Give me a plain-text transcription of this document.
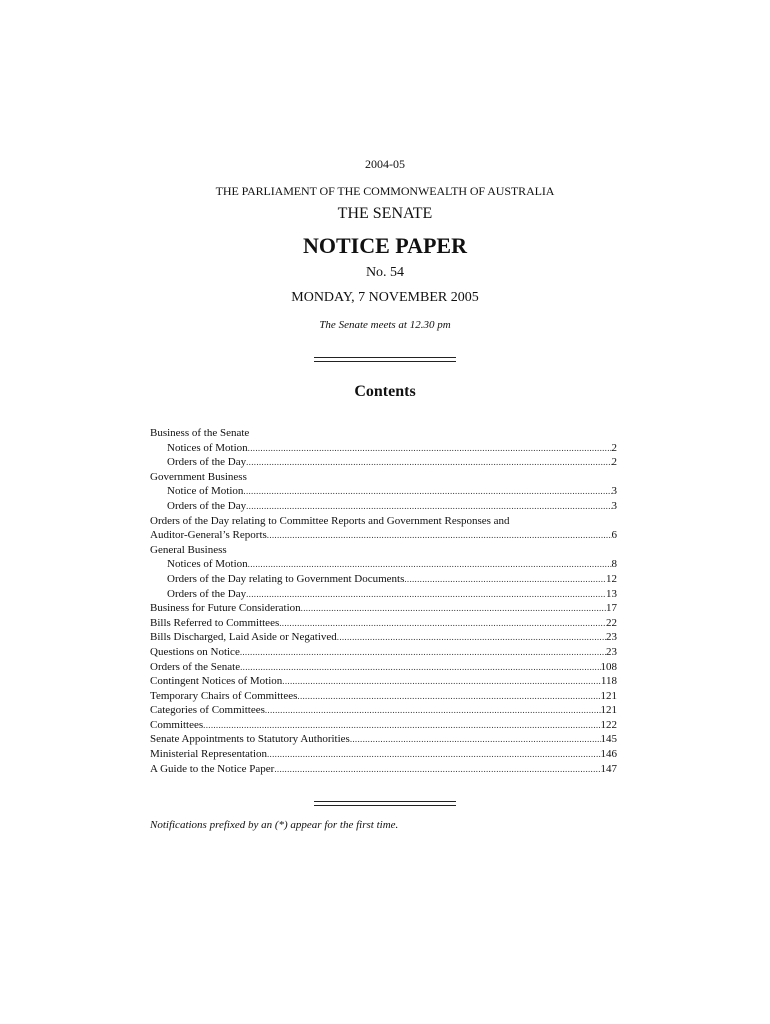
2004-05
THE PARLIAMENT OF THE COMMONWEALTH OF AUSTRALIA
THE SENATE
NOTICE PAPER
No. 54
MONDAY, 7 NOVEMBER 2005
The Senate meets at 12.30 pm
Contents
Business of the Senate
Notices of Motion .....	2
Orders of the Day .....	2
Government Business
Notice of Motion .....	3
Orders of the Day .....	3
Orders of the Day relating to Committee Reports and Government Responses and
Auditor-General’s Reports .....	6
General Business
Notices of Motion .....	8
Orders of the Day relating to Government Documents .....	12
Orders of the Day .....	13
Business for Future Consideration .....	17
Bills Referred to Committees .....	22
Bills Discharged, Laid Aside or Negatived .....	23
Questions on Notice .....	23
Orders of the Senate .....	108
Contingent Notices of Motion .....	118
Temporary Chairs of Committees .....	121
Categories of Committees .....	121
Committees .....	122
Senate Appointments to Statutory Authorities .....	145
Ministerial Representation .....	146
A Guide to the Notice Paper .....	147
Notifications prefixed by an (*) appear for the first time.
